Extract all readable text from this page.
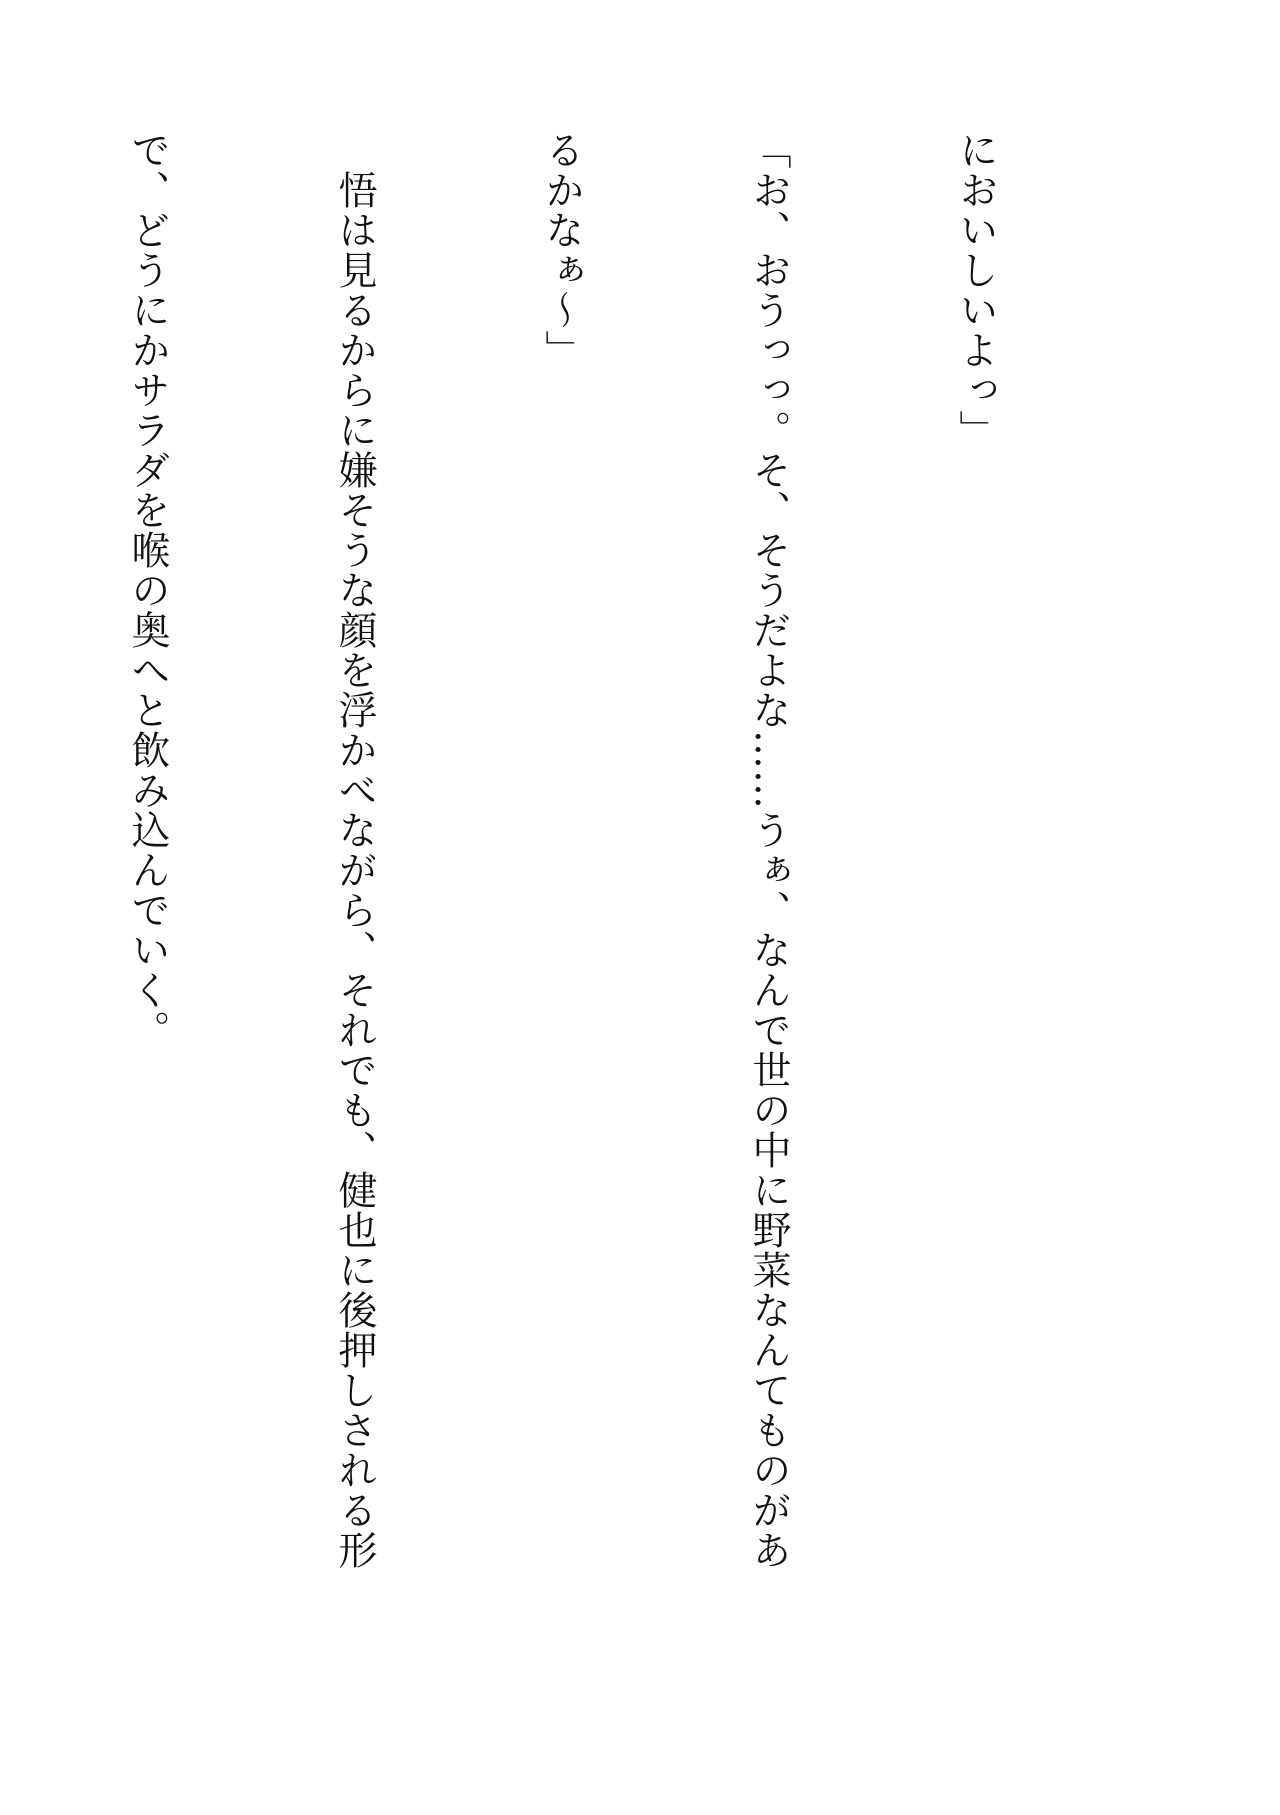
においしいよっ」

「お、おうっっ。そ、そうだよな……うぁ、なんで世の中に野菜なんてものがあ

るかなぁ〜」

　悟は見るからに嫌そうな顔を浮かべながら、それでも、健也に後押しされる形

で、どうにかサラダを喉の奥へと飲み込んでいく。
